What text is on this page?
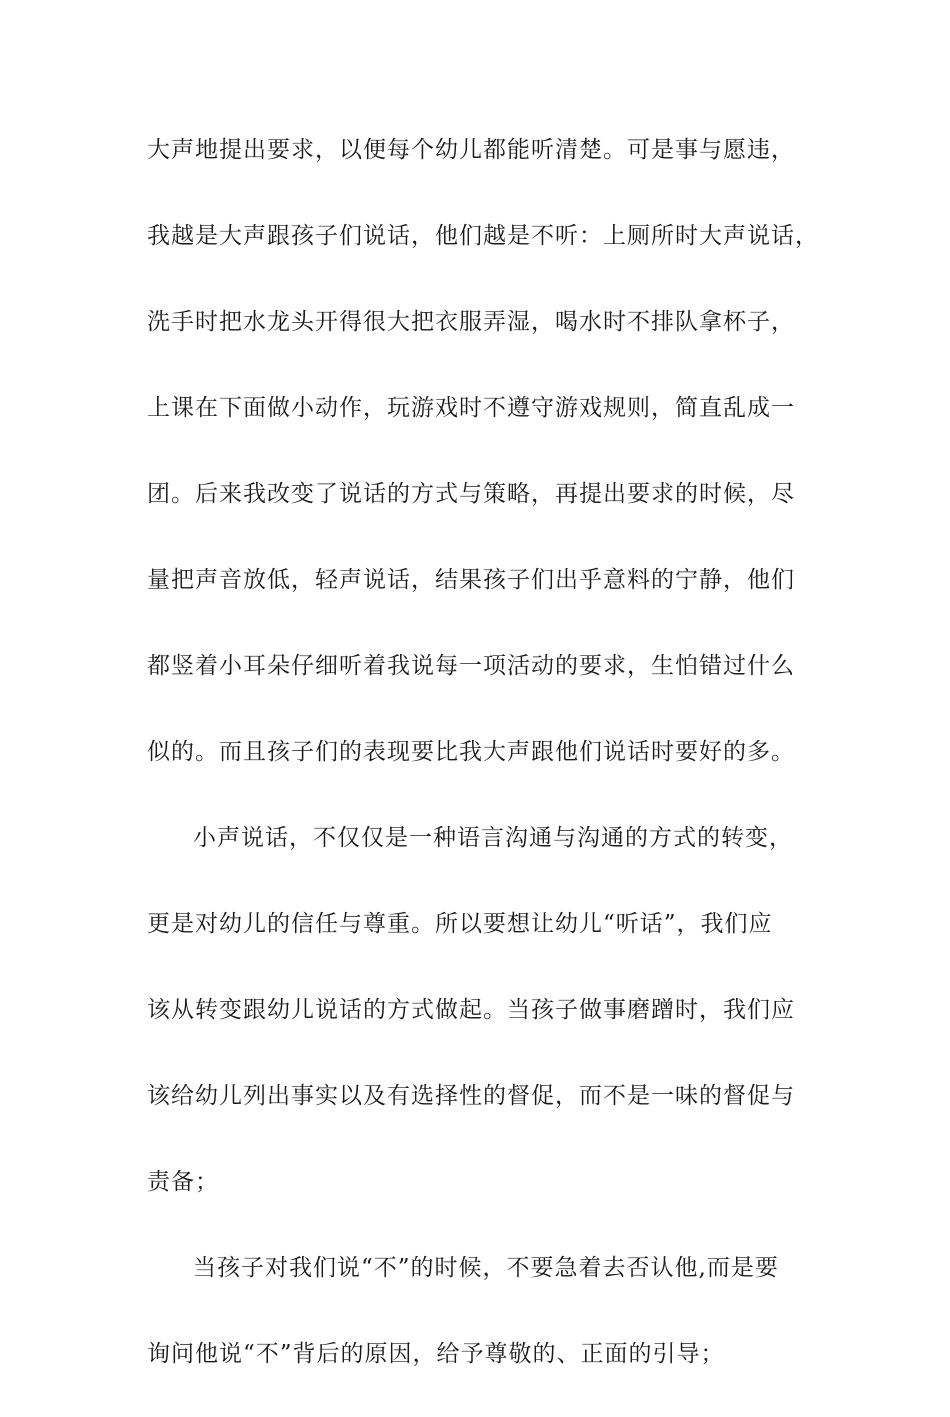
大声地提出要求，以便每个幼儿都能听清楚。可是事与愿违，
我越是大声跟孩子们说话，他们越是不听：上厕所时大声说话，
洗手时把水龙头开得很大把衣服弄湿，喝水时不排队拿杯子，
上课在下面做小动作，玩游戏时不遵守游戏规则，简直乱成一
团。后来我改变了说话的方式与策略，再提出要求的时候，尽
量把声音放低，轻声说话，结果孩子们出乎意料的宁静，他们
都竖着小耳朵仔细听着我说每一项活动的要求，生怕错过什么
似的。而且孩子们的表现要比我大声跟他们说话时要好的多。
小声说话，不仅仅是一种语言沟通与沟通的方式的转变，
更是对幼儿的信任与尊重。所以要想让幼儿“听话”，我们应
该从转变跟幼儿说话的方式做起。当孩子做事磨蹭时，我们应
该给幼儿列出事实以及有选择性的督促，而不是一味的督促与
责备；
当孩子对我们说“不”的时候，不要急着去否认他,而是要
询问他说“不”背后的原因，给予尊敬的、正面的引导；
